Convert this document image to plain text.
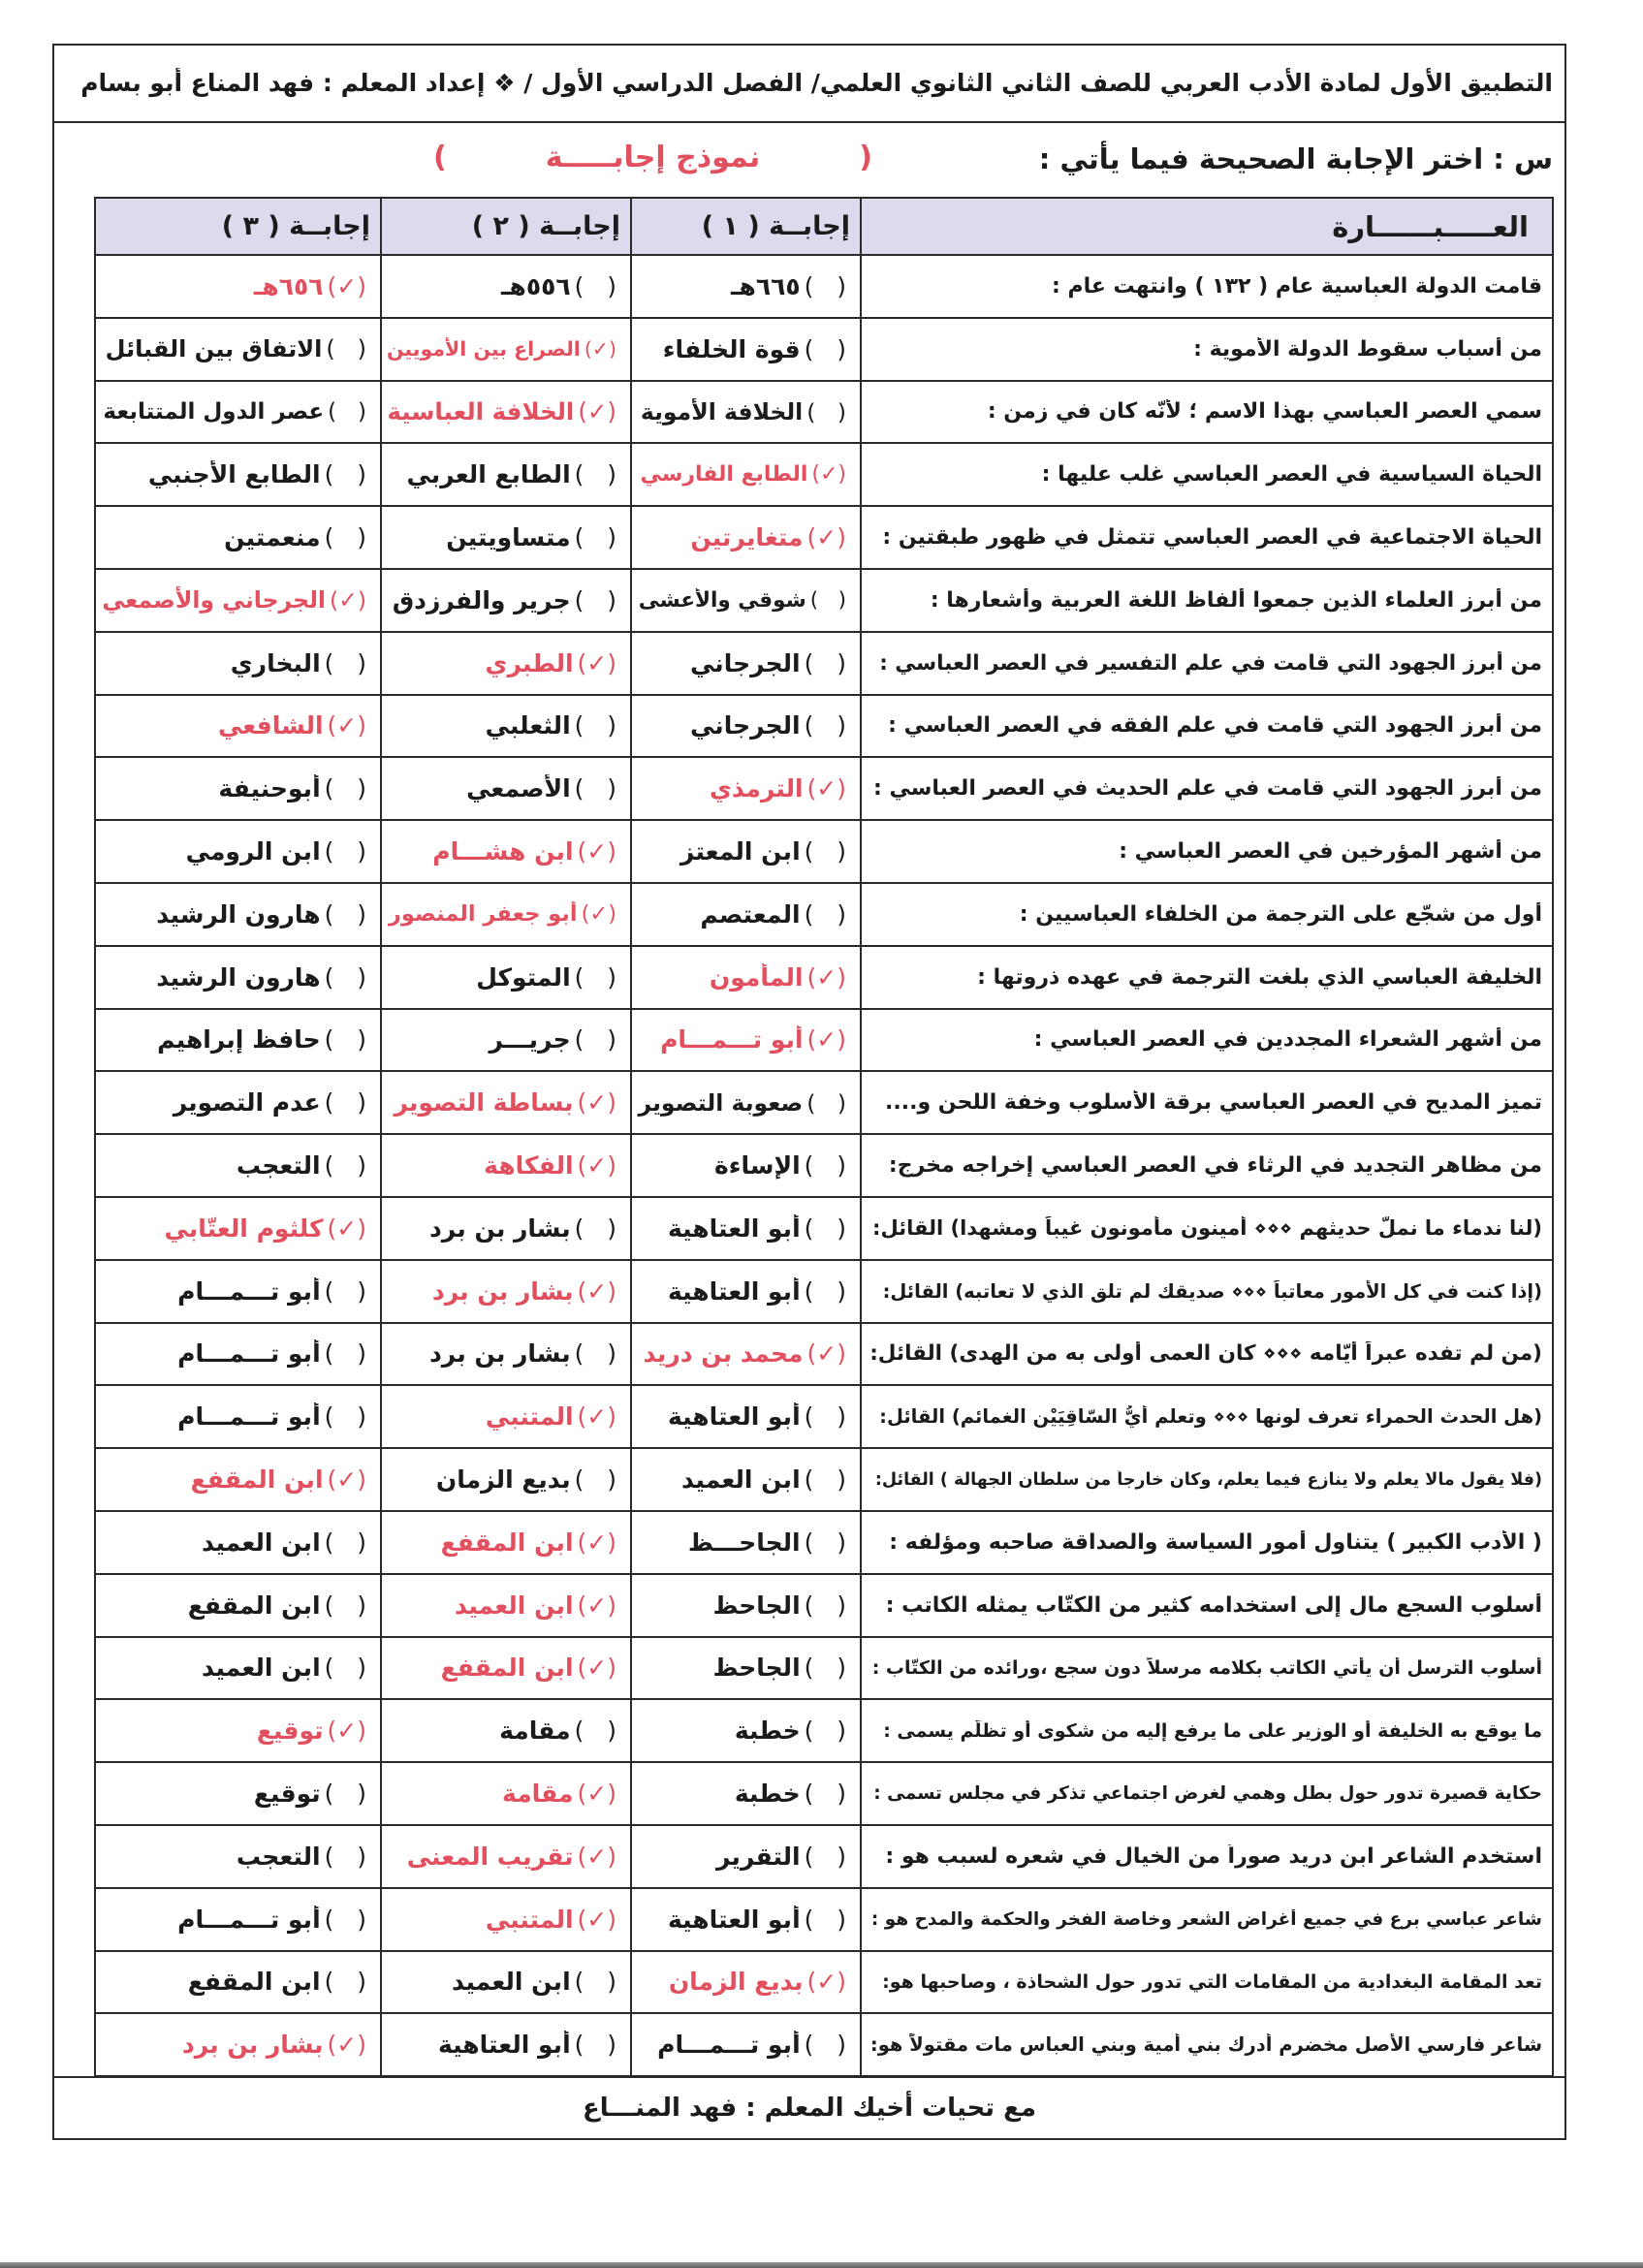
التطبيق الأول لمادة الأدب العربي للصف الثاني الثانوي العلمي/ الفصل الدراسي الأول / ❖ إعداد المعلم : فهد المناع أبو بسام
س : اختر الإجابة الصحيحة فيما يأتي :
(
نموذج إجابـــــة
)
العـــــبــــــارة	إجابــة ( ١ )	إجابــة ( ٢ )	إجابــة ( ٣ )

قامت الدولة العباسية عام ( ١٣٢ ) وانتهت عام :	(   )٦٦٥هـ	(   )٥٥٦هـ	(✓)٦٥٦هـ

من أسباب سقوط الدولة الأموية :	(   )قوة الخلفاء	(✓)الصراع بين الأمويين	(   )الاتفاق بين القبائل

سمي العصر العباسي بهذا الاسم ؛ لأنّه كان في زمن :	(   )الخلافة الأموية	(✓)الخلافة العباسية	(   )عصر الدول المتتابعة

الحياة السياسية في العصر العباسي غلب عليها :	(✓)الطابع الفارسي	(   )الطابع العربي	(   )الطابع الأجنبي

الحياة الاجتماعية في العصر العباسي تتمثل في ظهور طبقتين :	(✓)متغايرتين	(   )متساويتين	(   )منعمتين

من أبرز العلماء الذين جمعوا ألفاظ اللغة العربية وأشعارها :	(   )شوقي والأعشى	(   )جرير والفرزدق	(✓)الجرجاني والأصمعي

من أبرز الجهود التي قامت في علم التفسير في العصر العباسي :	(   )الجرجاني	(✓)الطبري	(   )البخاري

من أبرز الجهود التي قامت في علم الفقه في العصر العباسي :	(   )الجرجاني	(   )الثعلبي	(✓)الشافعي

من أبرز الجهود التي قامت في علم الحديث في العصر العباسي :	(✓)الترمذي	(   )الأصمعي	(   )أبوحنيفة

من أشهر المؤرخين في العصر العباسي :	(   )ابن المعتز	(✓)ابن هشـــام	(   )ابن الرومي

أول من شجّع على الترجمة من الخلفاء العباسيين :	(   )المعتصم	(✓)أبو جعفر المنصور	(   )هارون الرشيد

الخليفة العباسي الذي بلغت الترجمة في عهده ذروتها :	(✓)المأمون	(   )المتوكل	(   )هارون الرشيد

من أشهر الشعراء المجددين في العصر العباسي :	(✓)أبو تـــمـــام	(   )جريـــر	(   )حافظ إبراهيم

تميز المديح في العصر العباسي برقة الأسلوب وخفة اللحن و....	(   )صعوبة التصوير	(✓)بساطة التصوير	(   )عدم التصوير

من مظاهر التجديد في الرثاء في العصر العباسي إخراجه مخرج:	(   )الإساءة	(✓)الفكاهة	(   )التعجب

(لنا ندماء ما نملُّ حديثهم ⋄⋄⋄ أمينون مأمونون غيباً ومشهدا) القائل:	(   )أبو العتاهية	(   )بشار بن برد	(✓)كلثوم العتّابي

(إذا كنت في كل الأمور معاتباً ⋄⋄⋄ صديقك لم تلق الذي لا تعاتبه) القائل:	(   )أبو العتاهية	(✓)بشار بن برد	(   )أبو تـــمـــام

(من لم تفده عبراً أيّامه ⋄⋄⋄ كان العمى أولى به من الهدى) القائل:	(✓)محمد بن دريد	(   )بشار بن برد	(   )أبو تـــمـــام

(هل الحدث الحمراء تعرف لونها ⋄⋄⋄ وتعلم أيُّ السّاقِيَيْن الغمائم) القائل:	(   )أبو العتاهية	(✓)المتنبي	(   )أبو تـــمـــام

(فلا يقول مالا يعلم ولا ينازع فيما يعلم، وكان خارجاً من سلطان الجهالة ) القائل:	(   )ابن العميد	(   )بديع الزمان	(✓)ابن المقفع

( الأدب الكبير ) يتناول أمور السياسة والصداقة صاحبه ومؤلفه :	(   )الجاحـــظ	(✓)ابن المقفع	(   )ابن العميد

أسلوب السجع مال إلى استخدامه كثير من الكتّاب يمثله الكاتب :	(   )الجاحظ	(✓)ابن العميد	(   )ابن المقفع

أسلوب الترسل أن يأتي الكاتب بكلامه مرسلاً دون سجع ،ورائده من الكتّاب :	(   )الجاحظ	(✓)ابن المقفع	(   )ابن العميد

ما يوقع به الخليفة أو الوزير على ما يرفع إليه من شكوى أو تظلّم يسمى :	(   )خطبة	(   )مقامة	(✓)توقيع

حكاية قصيرة تدور حول بطل وهمي لغرض اجتماعي تذكر في مجلس تسمى :	(   )خطبة	(✓)مقامة	(   )توقيع

استخدم الشاعر ابن دريد صوراً من الخيال في شعره لسبب هو :	(   )التقرير	(✓)تقريب المعنى	(   )التعجب

شاعر عباسي برع في جميع أغراض الشعر وخاصة الفخر والحكمة والمدح هو :	(   )أبو العتاهية	(✓)المتنبي	(   )أبو تـــمـــام

تعد المقامة البغدادية من المقامات التي تدور حول الشحاذة ، وصاحبها هو:	(✓)بديع الزمان	(   )ابن العميد	(   )ابن المقفع

شاعر فارسي الأصل مخضرم أدرك بني أمية وبني العباس مات مقتولاً هو:	(   )أبو تـــمـــام	(   )أبو العتاهية	(✓)بشار بن برد
مع تحيات أخيك المعلم : فهد المنـــاع
